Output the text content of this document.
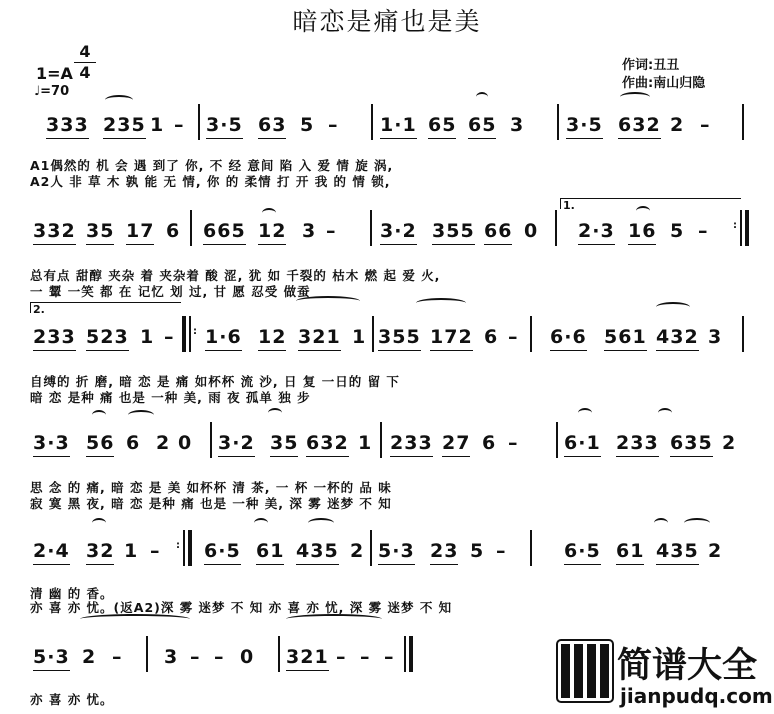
暗恋是痛也是美
1=A
4
4
♩=70
作词:丑丑
作曲:南山归隐
333 235 1 – 3·5 63 5 – 1·1 65 65 3 3·5 632 2 –
A1偶然的 机 会 遇 到了 你, 不 经 意间 陷 入 爱 情 旋 涡,
A2人 非 草 木 孰 能 无 情, 你 的 柔情 打 开 我 的 情 锁,
1.
332 35 17 6 665 12 3 – 3·2 355 66 0 2·3 16 5 – :
总有点 甜醇 夹杂 着 夹杂着 酸 涩, 犹 如 千裂的 枯木 燃 起 爱 火,
一 颦 一笑 都 在 记忆 划 过, 甘 愿 忍受 做蚕
2.
233 523 1 – : 1·6 12 321 1 355 172 6 – 6·6 561 432 3
自缚的 折 磨, 暗 恋 是 痛 如杯杯 流 沙, 日 复 一日的 留 下
暗 恋 是种 痛 也是 一种 美, 雨 夜 孤单 独 步
3·3 56 6 2 0 3·2 35 632 1 233 27 6 – 6·1 233 635 2
思 念 的 痛, 暗 恋 是 美 如杯杯 清 茶, 一 杯 一杯的 品 味
寂 寞 黑 夜, 暗 恋 是种 痛 也是 一种 美, 深 雾 迷梦 不 知
2·4 32 1 – : 6·5 61 435 2 5·3 23 5 –	6·5 61 435 2
清 幽 的 香。
亦 喜 亦 忧。(返A2)深 雾 迷梦 不 知 亦 喜 亦 忧, 深 雾 迷梦 不 知
5·3 2 – 3 – – 0 321 – – –
亦 喜 亦 忧。
简谱大全
jianpudq.com
